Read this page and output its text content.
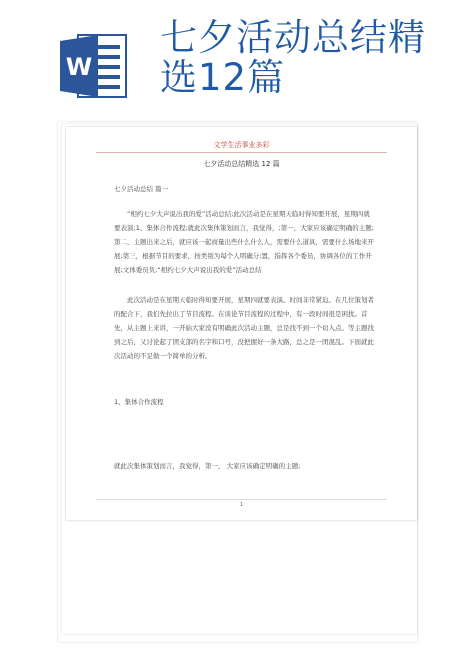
W
七夕活动总结精选12篇
文学生活事业多彩
七夕活动总结精选 12 篇
七夕活动总结 篇一
“相约七夕大声说出我的爱”活动总结;此次活动是在星期天临时得知要开展，星期四就要表演;1、集体合作流程;就此次集体策划而言，我觉得，;第一，大家应该确定明确的主题;第二，主题出来之后，就应该一起商量出些什么什么人，需要什么道具，需要什么场地来开展;第三，根据节目的要求，按类别为每个人明确分;置，指挥各个委员，协调各位的工作开展;文体委员负;“相约七夕大声说出我的爱”活动总结
此次活动是在星期天临时得知要开展，星期四就要表演。时间非常紧迫。在几位策划者的配合下，我们先拉出了节目流程。在谈论节目流程的过程中，有一段时间很是困扰。首先，从主题上来讲，一开始大家没有明确此次活动主题，总是找不到一个切入点。等主题找到之后，又讨论起了团支部的名字和口号，没把握好一条大路，总之是一团混乱。下面就此次活动的不足做一个简单的分析。
1、集体合作流程
就此次集体策划而言，我觉得，第一， 大家应该确定明确的主题;
1
